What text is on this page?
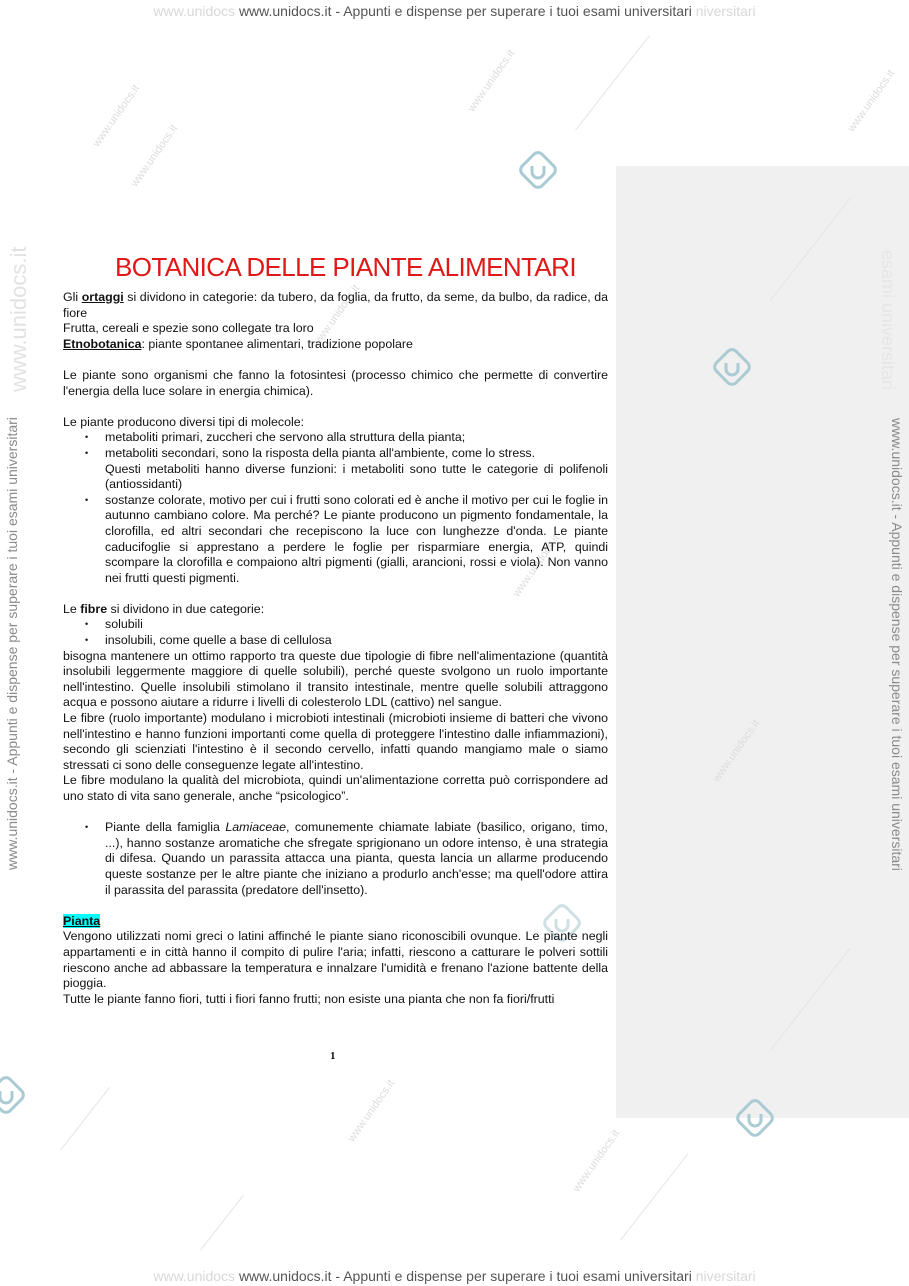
www.unidocs www.unidocs.it - Appunti e dispense per superare i tuoi esami universitari niversitari
www.unidocs www.unidocs.it - Appunti e dispense per superare i tuoi esami universitari niversitari
www.unidocs.it - Appunti e dispense per superare i tuoi esami universitari	www.unidocs.it - Appunti e dispense per superare i tuoi esami universitari
www.unidocs.it	esami universitari
www.unidocs.it
www.unidocs.it
www.unidocs.it	www.unidocs.it
www.unidocs.it
www.unidocs.it
www.unidocs.it
www.unidocs.it
www.unidocs.it
BOTANICA DELLE PIANTE ALIMENTARI

Gli ortaggi si dividono in categorie: da tubero, da foglia, da frutto, da seme, da bulbo, da radice, da fiore

Frutta, cereali e spezie sono collegate tra loro

Etnobotanica: piante spontanee alimentari, tradizione popolare

Le piante sono organismi che fanno la fotosintesi (processo chimico che permette di convertire l'energia della luce solare in energia chimica).

Le piante producono diversi tipi di molecole:

• metaboliti primari, zuccheri che servono alla struttura della pianta;
• metaboliti secondari, sono la risposta della pianta all'ambiente, come lo stress.

Questi metaboliti hanno diverse funzioni: i metaboliti sono tutte le categorie di polifenoli (antiossidanti)

• sostanze colorate, motivo per cui i frutti sono colorati ed è anche il motivo per cui le foglie in autunno cambiano colore. Ma perché? Le piante producono un pigmento fondamentale, la clorofilla, ed altri secondari che recepiscono la luce con lunghezze d'onda. Le piante caducifoglie si apprestano a perdere le foglie per risparmiare energia, ATP, quindi scompare la clorofilla e compaiono altri pigmenti (gialli, arancioni, rossi e viola). Non vanno nei frutti questi pigmenti.

Le fibre si dividono in due categorie:

• solubili
• insolubili, come quelle a base di cellulosa

bisogna mantenere un ottimo rapporto tra queste due tipologie di fibre nell'alimentazione (quantità insolubili leggermente maggiore di quelle solubili), perché queste svolgono un ruolo importante nell'intestino. Quelle insolubili stimolano il transito intestinale, mentre quelle solubili attraggono acqua e possono aiutare a ridurre i livelli di colesterolo LDL (cattivo) nel sangue.

Le fibre (ruolo importante) modulano i microbioti intestinali (microbioti insieme di batteri che vivono nell'intestino e hanno funzioni importanti come quella di proteggere l'intestino dalle infiammazioni), secondo gli scienziati l'intestino è il secondo cervello, infatti quando mangiamo male o siamo stressati ci sono delle conseguenze legate all'intestino.

Le fibre modulano la qualità del microbiota, quindi un'alimentazione corretta può corrispondere ad uno stato di vita sano generale, anche “psicologico”.

• Piante della famiglia Lamiaceae, comunemente chiamate labiate (basilico, origano, timo, ...), hanno sostanze aromatiche che sfregate sprigionano un odore intenso, è una strategia di difesa. Quando un parassita attacca una pianta, questa lancia un allarme producendo queste sostanze per le altre piante che iniziano a produrlo anch'esse; ma quell'odore attira il parassita del parassita (predatore dell'insetto).

Pianta

Vengono utilizzati nomi greci o latini affinché le piante siano riconoscibili ovunque. Le piante negli appartamenti e in città hanno il compito di pulire l'aria; infatti, riescono a catturare le polveri sottili riescono anche ad abbassare la temperatura e innalzare l'umidità e frenano l'azione battente della pioggia.

Tutte le piante fanno fiori, tutti i fiori fanno frutti; non esiste una pianta che non fa fiori/frutti

1
